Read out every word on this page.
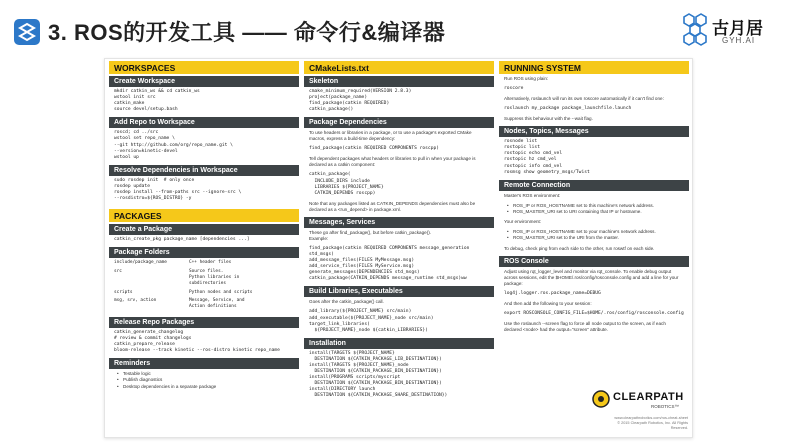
3. ROS的开发工具 —— 命令行&编译器	古月居
GYH.AI
WORKSPACES
Create Workspace
mkdir catkin_ws && cd catkin_ws
wstool init src
catkin_make
source devel/setup.bash
Add Repo to Workspace
roscd; cd ../src
wstool set repo_name \
--git http://github.com/org/repo_name.git \
--version=kinetic-devel
wstool up
Resolve Dependencies in Workspace
sudo rosdep init  # only once
rosdep update
rosdep install --from-paths src --ignore-src \
--rosdistro=${ROS_DISTRO} -y
PACKAGES
Create a Package
catkin_create_pkg package_name [dependencies ...]
Package Folders
include/package_name	C++ header files
src	Source files.
Python libraries in
subdirectories
scripts	Python nodes and scripts
msg, srv, action	Message, Service, and
Action definitions
Release Repo Packages
catkin_generate_changelog
# review & commit changelogs
catkin_prepare_release
bloom-release --track kinetic --ros-distro kinetic repo_name
Reminders
• Testable logic
• Publish diagnostics
• Desktop dependencies in a separate package
CMakeLists.txt
Skeleton
cmake_minimum_required(VERSION 2.8.3)
project(package_name)
find_package(catkin REQUIRED)
catkin_package()
Package Dependencies
To use headers or libraries in a package, or to use a package's exported CMake macros, express a build-time dependency:
find_package(catkin REQUIRED COMPONENTS roscpp)
Tell dependent packages what headers or libraries to pull in when your package is declared as a catkin component:
catkin_package(
INCLUDE_DIRS include
LIBRARIES ${PROJECT_NAME}
CATKIN_DEPENDS roscpp)
Note that any packages listed as CATKIN_DEPENDS dependencies must also be declared as a <run_depend> in package.xml.
Messages, Services
These go after find_package(), but before catkin_package().
Example:
find_package(catkin REQUIRED COMPONENTS message_generation
std_msgs)
add_message_files(FILES MyMessage.msg)
add_service_files(FILES MyService.msg)
generate_messages(DEPENDENCIES std_msgs)
catkin_package(CATKIN_DEPENDS message_runtime std_msgs)ww
Build Libraries, Executables
Goes after the catkin_package() call.
add_library(${PROJECT_NAME} src/main)
add_executable(${PROJECT_NAME}_node src/main)
target_link_libraries(
${PROJECT_NAME}_node ${catkin_LIBRARIES})
Installation
install(TARGETS ${PROJECT_NAME}
DESTINATION ${CATKIN_PACKAGE_LIB_DESTINATION})
install(TARGETS ${PROJECT_NAME}_node
DESTINATION ${CATKIN_PACKAGE_BIN_DESTINATION})
install(PROGRAMS scripts/myscript
DESTINATION ${CATKIN_PACKAGE_BIN_DESTINATION})
install(DIRECTORY launch
DESTINATION ${CATKIN_PACKAGE_SHARE_DESTINATION})
RUNNING SYSTEM
Run ROS using plain:
roscore
Alternatively, roslaunch will run its own roscore automatically if it can't find one:
roslaunch my_package package_launchfile.launch
Suppress this behaviour with the --wait flag.
Nodes, Topics, Messages
rosnode list
rostopic list
rostopic echo cmd_vel
rostopic hz cmd_vel
rostopic info cmd_vel
rosmsg show geometry_msgs/Twist
Remote Connection
Master's ROS environment:
• ROS_IP or ROS_HOSTNAME set to this machine's network address.
• ROS_MASTER_URI set to URI containing that IP or hostname.
Your environment:
• ROS_IP or ROS_HOSTNAME set to your machine's network address.
• ROS_MASTER_URI set to the URI from the master.
To debug, check ping from each side to the other, run roswtf on each side.
ROS Console
Adjust using rqt_logger_level and monitor via rqt_console. To enable debug output across sessions, edit the $HOME/.ros/config/rosconsole.config and add a line for your package:
log4j.logger.ros.package_name=DEBUG
And then add the following to your session:
export ROSCONSOLE_CONFIG_FILE=$HOME/.ros/config/rosconsole.config
Use the roslaunch --screen flag to force all node output to the screen, as if each declared <node> had the output="screen" attribute.
CLEARPATH
ROBOTICS™
www.clearpathrobotics.com/ros-cheat-sheet
© 2015 Clearpath Robotics, Inc. All Rights Reserved.
